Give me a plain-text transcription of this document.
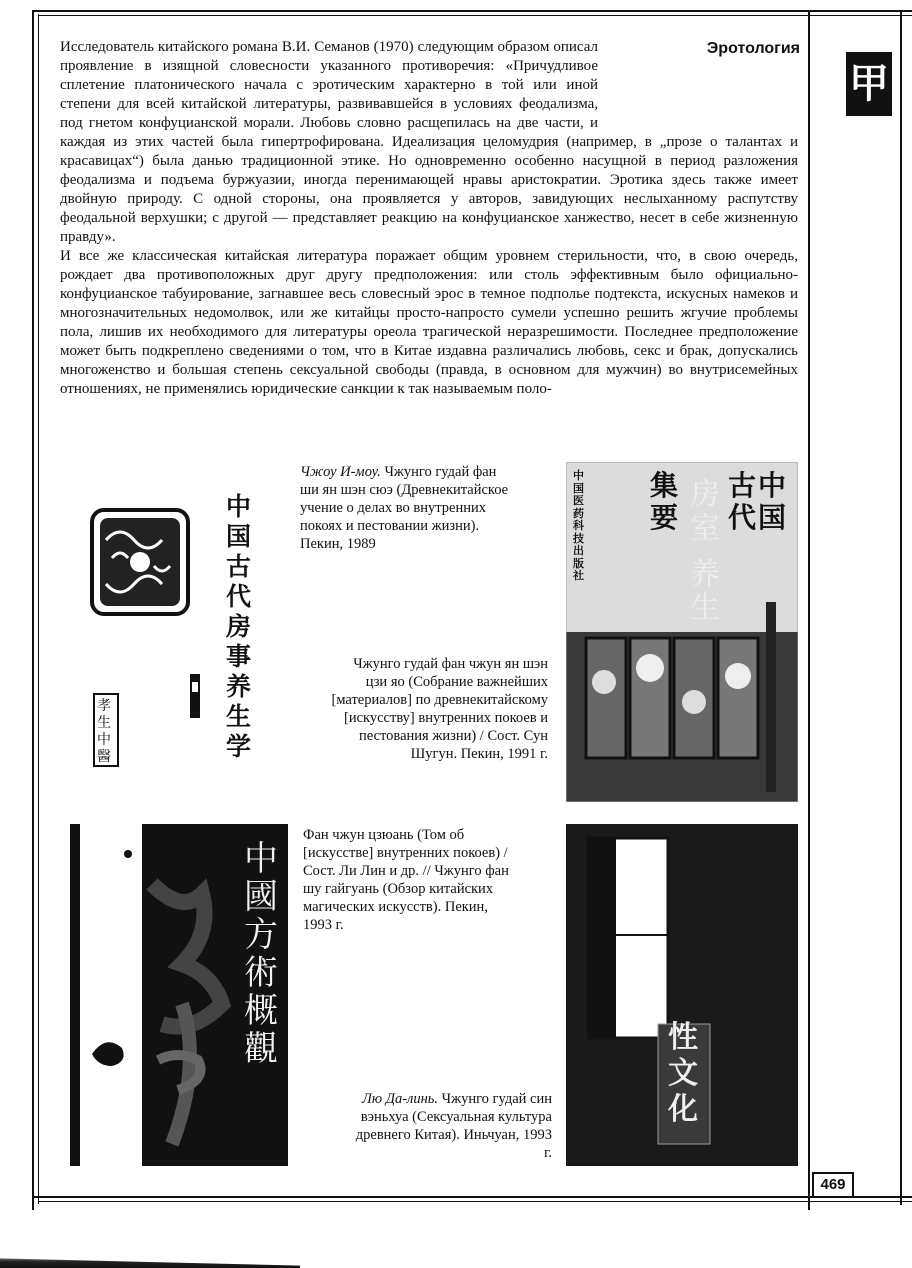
甲
Эротология

Исследователь китайского романа В.И. Семанов (1970) следующим образом описал проявление в изящной словесности указанного противоречия: «Причудливое сплетение платонического начала с эротическим характерно в той или иной степени для всей китайской литературы, развивавшейся в условиях феодализма, под гнетом конфуцианской морали. Любовь словно расщепилась на две части, и каждая из этих частей была гипертрофирована. Идеализация целомудрия (например, в „прозе о талантах и красавицах“) была данью традиционной этике. Но одновременно особенно насущной в период разложения феодализма и подъема буржуазии, иногда перенимающей нравы аристократии. Эротика здесь также имеет двойную природу. С одной стороны, она проявляется у авторов, завидующих неслыханному распутству феодальной верхушки; с другой — представляет реакцию на конфуцианское ханжество, несет в себе жизненную правду».

И все же классическая китайская литература поражает общим уровнем стерильности, что, в свою очередь, рождает два противоположных друг другу предположения: или столь эффективным было официально-конфуцианское табуирование, загнавшее весь словесный эрос в темное подполье подтекста, искусных намеков и многозначительных недомолвок, или же китайцы просто-напросто сумели успешно решить жгучие проблемы пола, лишив их необходимого для литературы ореола трагической неразрешимости. Последнее предположение может быть подкреплено сведениями о том, что в Китае издавна различались любовь, секс и брак, допускались многоженство и большая степень сексуальной свободы (правда, в основном для мужчин) во внутрисемейных отношениях, не применялись юридические санкции к так называемым поло-

中国古代房事养生学
孝生中醫

Чжоу И-моу. Чжунго гудай фан ши ян шэн сюэ (Древнекитайское учение о делах во внутренних покоях и пестовании жизни). Пекин, 1989

Чжунго гудай фан чжун ян шэн цзи яо (Собрание важнейших [материалов] по древнекитайскому [искусству] внутренних покоев и пестования жизни) / Сост. Сун Шугун. Пекин, 1991 г.

中国
古代
房室
养生
集要
中国医药科技出版社
中國方術概觀

Фан чжун цзюань (Том об [искусстве] внутренних покоев) / Сост. Ли Лин и др. // Чжунго фан шу гайгуань (Обзор китайских магических искусств). Пекин, 1993 г.

Лю Да-линь. Чжунго гудай син вэньхуа (Сексуальная культура древнего Китая). Иньчуан, 1993 г.

性文化
469
